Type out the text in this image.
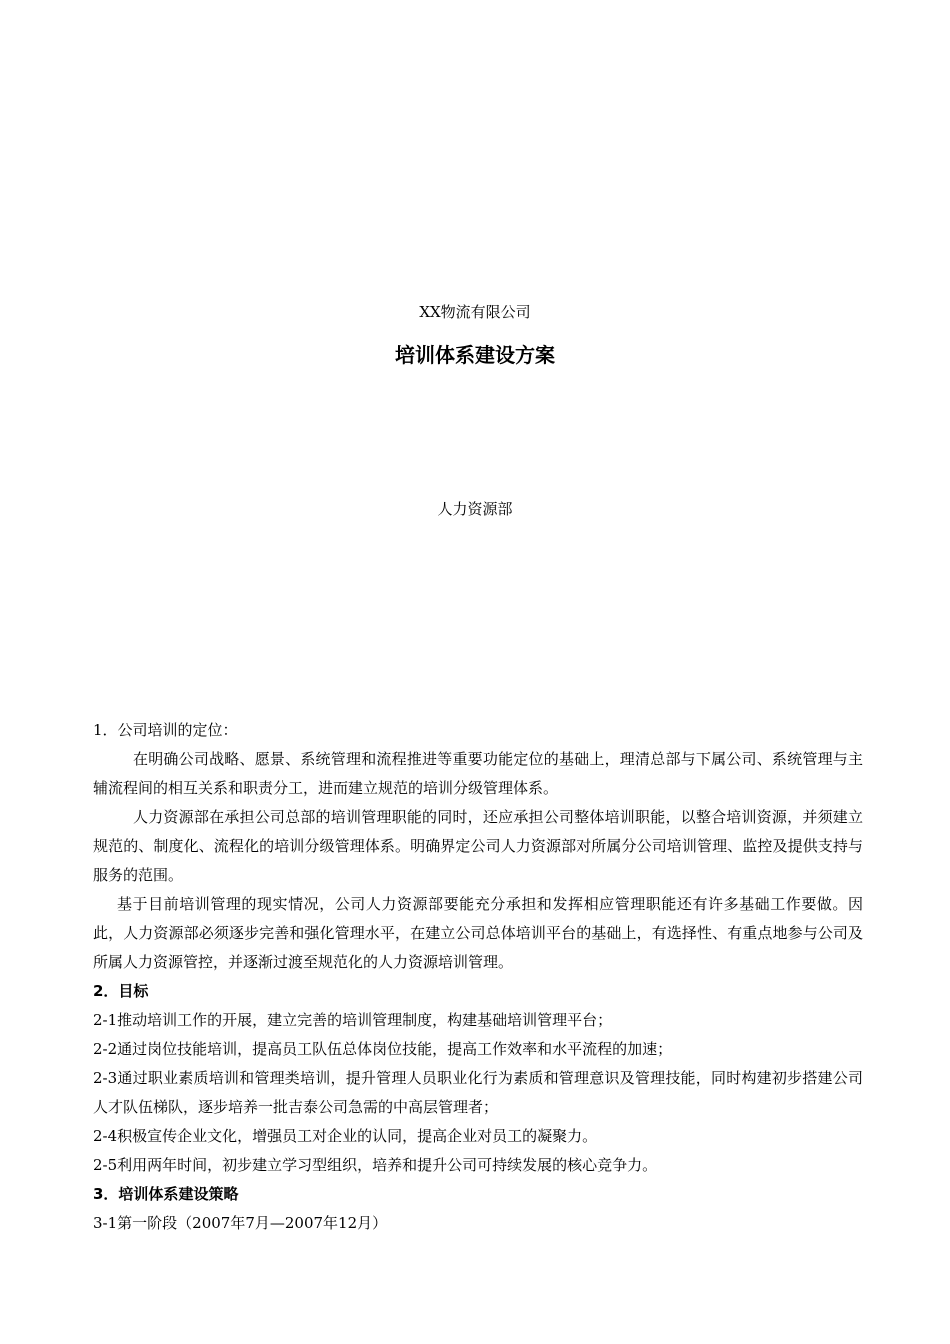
XX物流有限公司
培训体系建设方案
人力资源部

1．公司培训的定位：

在明确公司战略、愿景、系统管理和流程推进等重要功能定位的基础上，理清总部与下属公司、系统管理与主辅流程间的相互关系和职责分工，进而建立规范的培训分级管理体系。

人力资源部在承担公司总部的培训管理职能的同时，还应承担公司整体培训职能，以整合培训资源，并须建立规范的、制度化、流程化的培训分级管理体系。明确界定公司人力资源部对所属分公司培训管理、监控及提供支持与服务的范围。

基于目前培训管理的现实情况，公司人力资源部要能充分承担和发挥相应管理职能还有许多基础工作要做。因此，人力资源部必须逐步完善和强化管理水平，在建立公司总体培训平台的基础上，有选择性、有重点地参与公司及所属人力资源管控，并逐渐过渡至规范化的人力资源培训管理。

2．目标

2-1推动培训工作的开展，建立完善的培训管理制度，构建基础培训管理平台；

2-2通过岗位技能培训，提高员工队伍总体岗位技能，提高工作效率和水平流程的加速；

2-3通过职业素质培训和管理类培训，提升管理人员职业化行为素质和管理意识及管理技能，同时构建初步搭建公司人才队伍梯队，逐步培养一批吉泰公司急需的中高层管理者；

2-4积极宣传企业文化，增强员工对企业的认同，提高企业对员工的凝聚力。

2-5利用两年时间，初步建立学习型组织，培养和提升公司可持续发展的核心竞争力。

3．培训体系建设策略

3-1第一阶段（2007年7月—2007年12月）
